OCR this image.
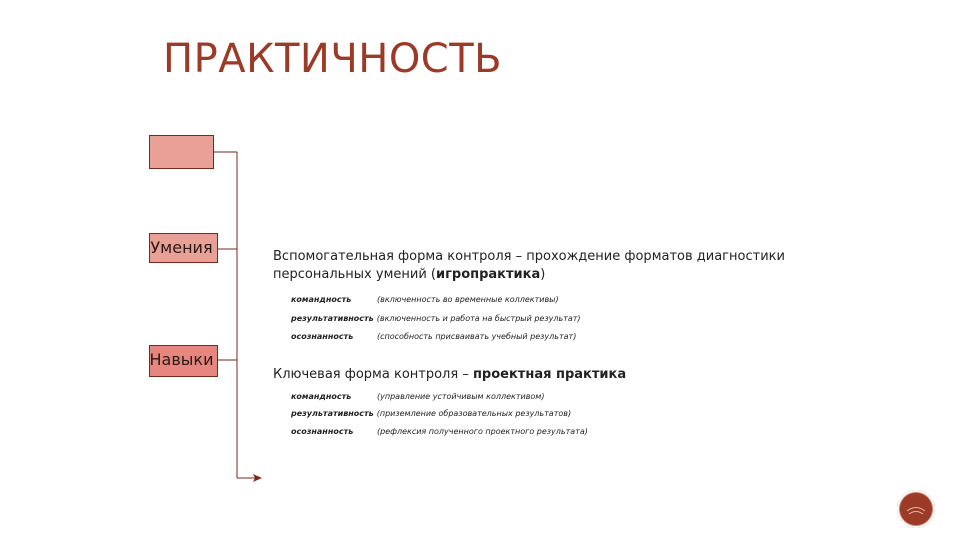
ПРАКТИЧНОСТЬ
Умения
Навыки
Вспомогательная форма контроля – прохождение форматов диагностики
персональных умений (игропрактика)
командность	(включенность во временные коллективы)
результативность (включенность и работа на быстрый результат)
осознанность	(способность присваивать учебный результат)
Ключевая форма контроля – проектная практика
командность	(управление устойчивым коллективом)
результативность (приземление образовательных результатов)
осознанность	(рефлексия полученного проектного результата)
